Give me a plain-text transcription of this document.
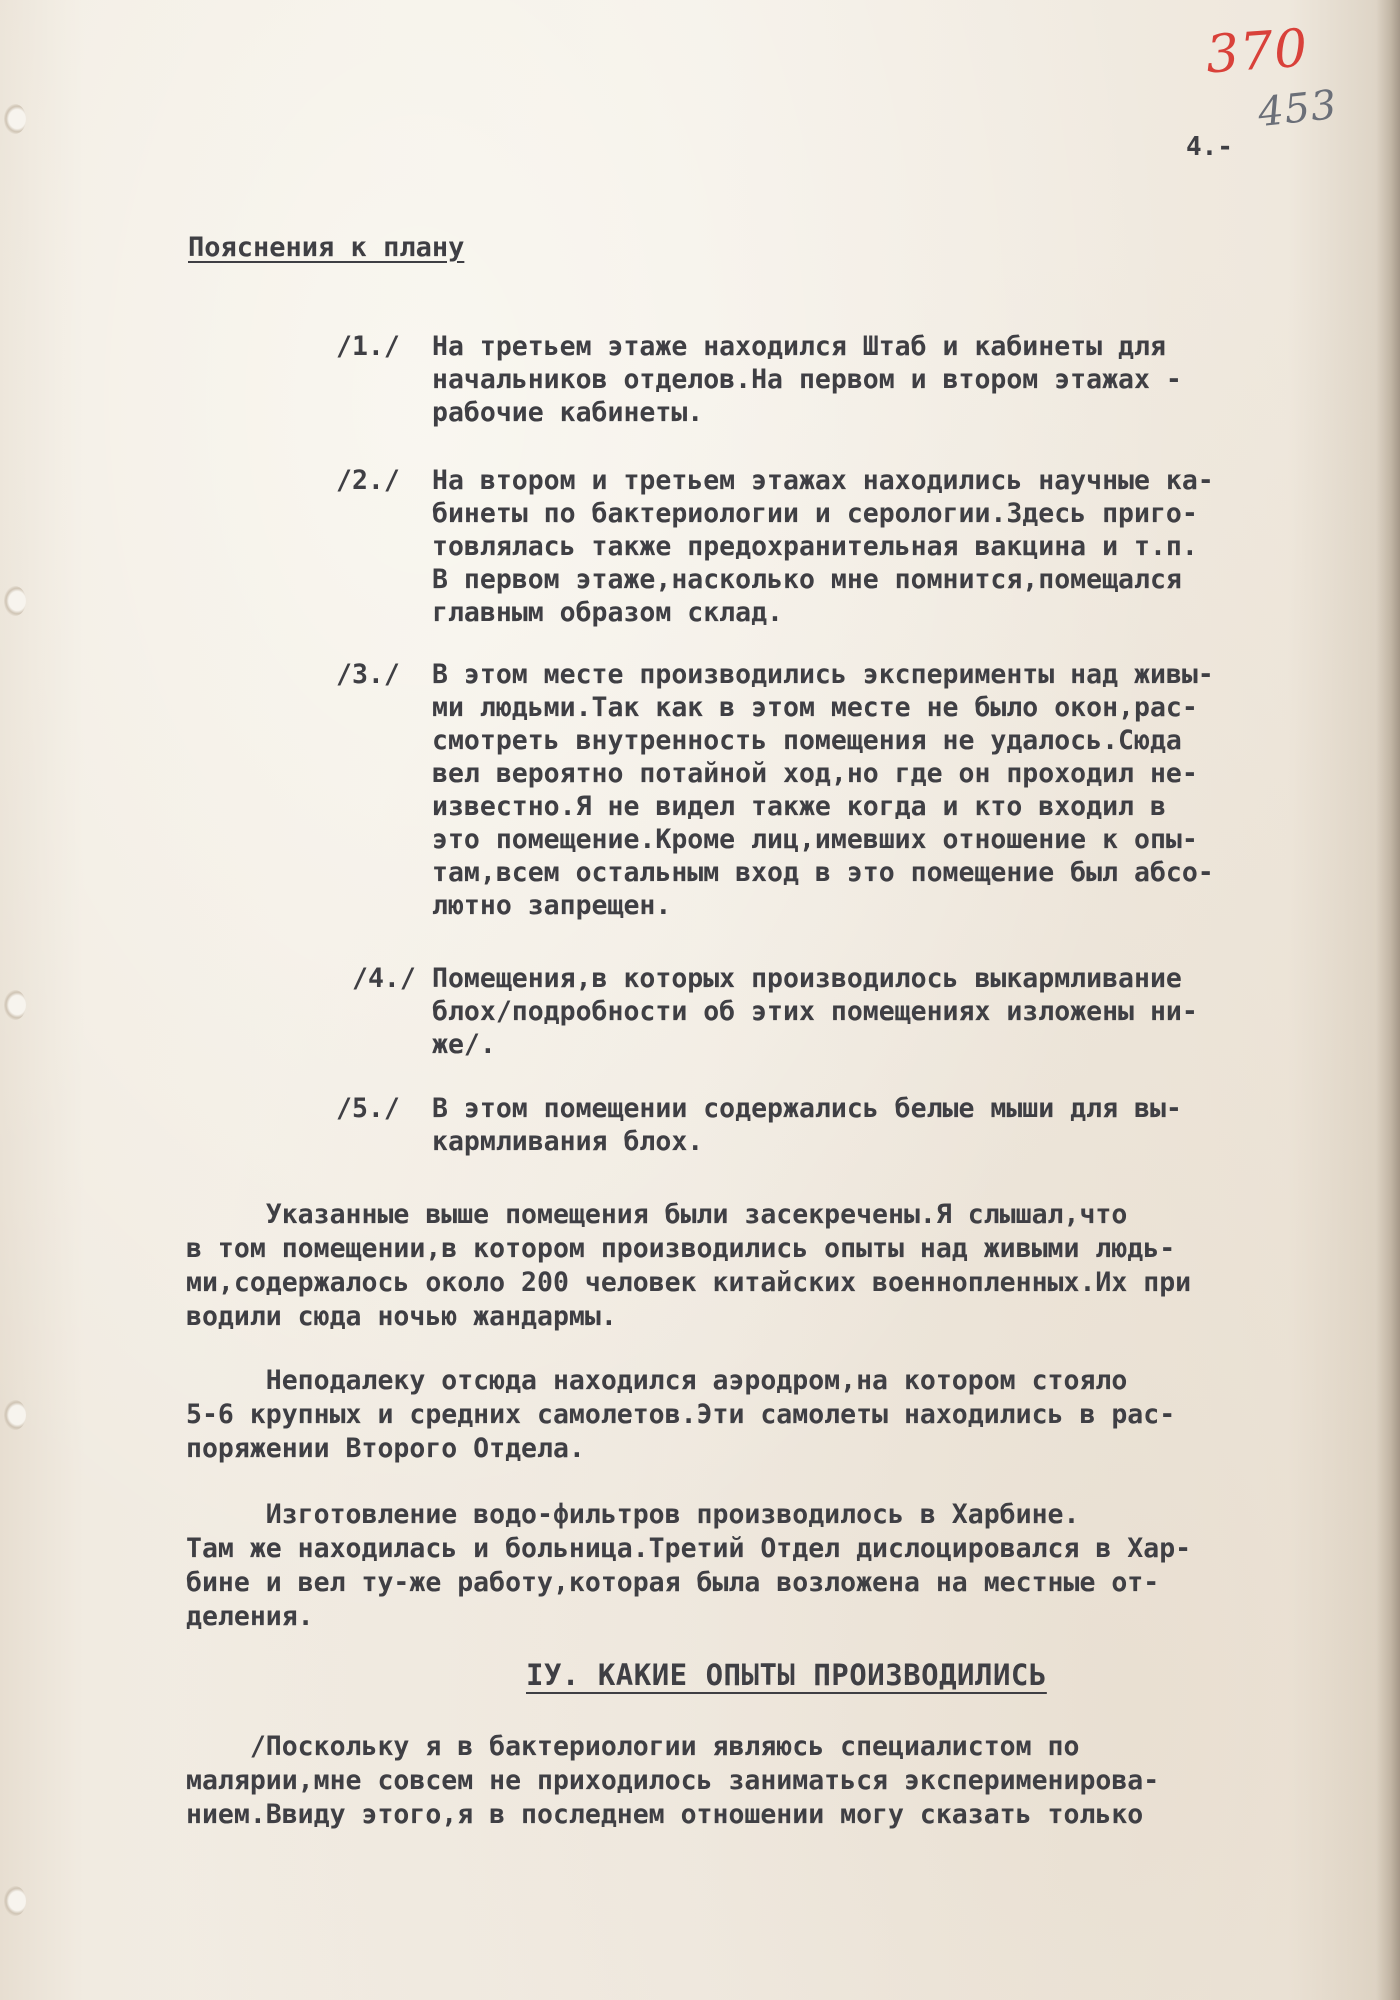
370
453
4.-
Пояснения к плану
/1./ На третьем этаже находился Штаб и кабинеты для
начальников отделов.На первом и втором этажах -
рабочие кабинеты.
/2./ На втором и третьем этажах находились научные ка-
бинеты по бактериологии и серологии.Здесь приго-
товлялась также предохранительная вакцина и т.п.
В первом этаже,насколько мне помнится,помещался
главным образом склад.
/3./ В этом месте производились эксперименты над живы-
ми людьми.Так как в этом месте не было окон,рас-
смотреть внутренность помещения не удалось.Сюда
вел вероятно потайной ход,но где он проходил не-
известно.Я не видел также когда и кто входил в
это помещение.Кроме лиц,имевших отношение к опы-
там,всем остальным вход в это помещение был абсо-
лютно запрещен.
/4./ Помещения,в которых производилось выкармливание
блох/подробности об этих помещениях изложены ни-
же/.
/5./ В этом помещении содержались белые мыши для вы-
кармливания блох.
Указанные выше помещения были засекречены.Я слышал,что
в том помещении,в котором производились опыты над живыми людь-
ми,содержалось около 200 человек китайских военнопленных.Их при
водили сюда ночью жандармы.
Неподалеку отсюда находился аэродром,на котором стояло
5-6 крупных и средних самолетов.Эти самолеты находились в рас-
поряжении Второго Отдела.
Изготовление водо-фильтров производилось в Харбине.
Там же находилась и больница.Третий Отдел дислоцировался в Хар-
бине и вел ту-же работу,которая была возложена на местные от-
деления.
IУ. КАКИЕ ОПЫТЫ ПРОИЗВОДИЛИСЬ
/Поскольку я в бактериологии являюсь специалистом по
малярии,мне совсем не приходилось заниматься эксперименирова-
нием.Ввиду этого,я в последнем отношении могу сказать только
